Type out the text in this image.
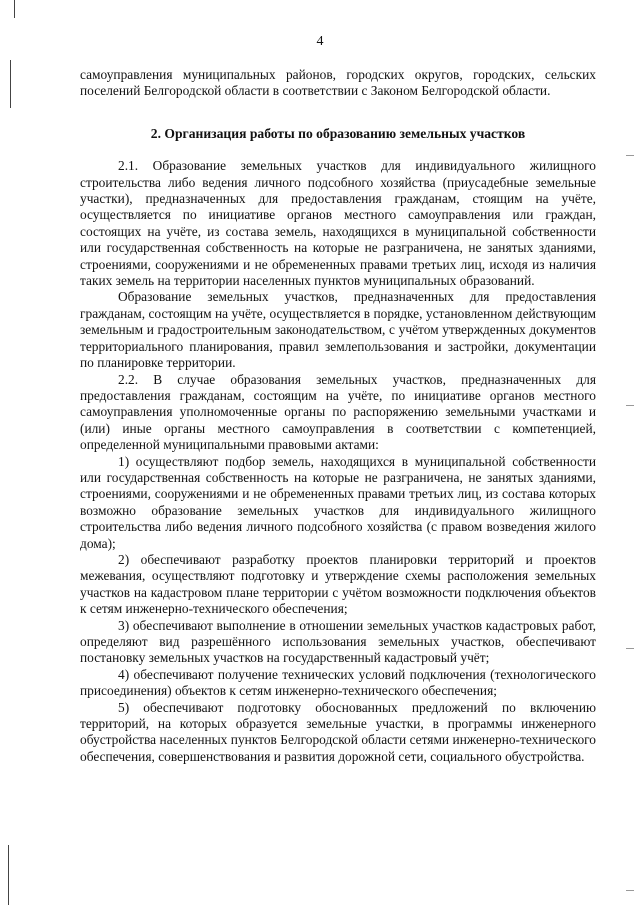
4

самоуправления муниципальных районов, городских округов, городских, сельских поселений Белгородской области в соответствии с Законом Белгородской области.

2. Организация работы по образованию земельных участков

2.1. Образование земельных участков для индивидуального жилищного строительства либо ведения личного подсобного хозяйства (приусадебные земельные участки), предназначенных для предоставления гражданам, стоящим на учёте, осуществляется по инициативе органов местного самоуправления или граждан, состоящих на учёте, из состава земель, находящихся в муниципальной собственности или государственная собственность на которые не разграничена, не занятых зданиями, строениями, сооружениями и не обремененных правами третьих лиц, исходя из наличия таких земель на территории населенных пунктов муниципальных образований.

Образование земельных участков, предназначенных для предоставления гражданам, состоящим на учёте, осуществляется в порядке, установленном действующим земельным и градостроительным законодательством, с учётом утвержденных документов территориального планирования, правил землепользования и застройки, документации по планировке территории.

2.2. В случае образования земельных участков, предназначенных для предоставления гражданам, состоящим на учёте, по инициативе органов местного самоуправления уполномоченные органы по распоряжению земельными участками и (или) иные органы местного самоуправления в соответствии с компетенцией, определенной муниципальными правовыми актами:

1) осуществляют подбор земель, находящихся в муниципальной собственности или государственная собственность на которые не разграничена, не занятых зданиями, строениями, сооружениями и не обремененных правами третьих лиц, из состава которых возможно образование земельных участков для индивидуального жилищного строительства либо ведения личного подсобного хозяйства (с правом возведения жилого дома);

2) обеспечивают разработку проектов планировки территорий и проектов межевания, осуществляют подготовку и утверждение схемы расположения земельных участков на кадастровом плане территории с учётом возможности подключения объектов к сетям инженерно-технического обеспечения;

3) обеспечивают выполнение в отношении земельных участков кадастровых работ, определяют вид разрешённого использования земельных участков, обеспечивают постановку земельных участков на государственный кадастровый учёт;

4) обеспечивают получение технических условий подключения (технологического присоединения) объектов к сетям инженерно-технического обеспечения;

5) обеспечивают подготовку обоснованных предложений по включению территорий, на которых образуется земельные участки, в программы инженерного обустройства населенных пунктов Белгородской области сетями инженерно-технического обеспечения, совершенствования и развития дорожной сети, социального обустройства.
